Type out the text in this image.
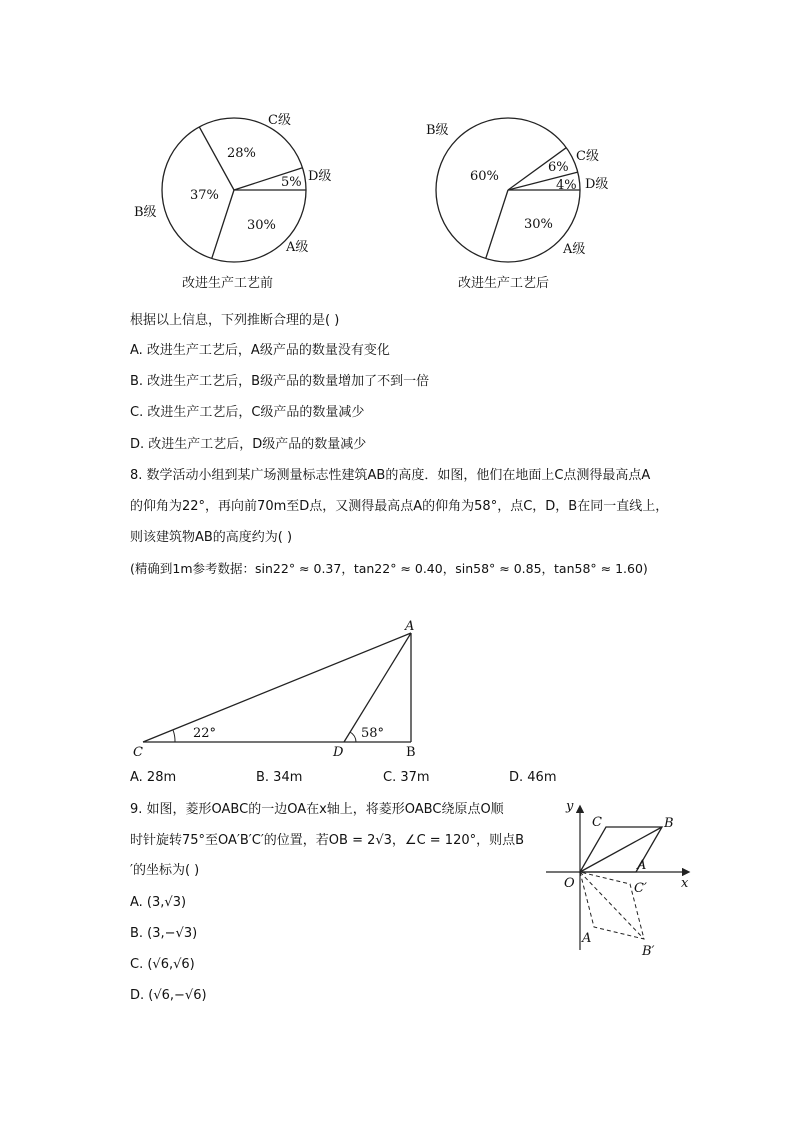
C级
28%
D级
5%
37%
B级
30%
A级
改进生产工艺前
B级
C级
6%
60%
D级
4%
30%
A级
改进生产工艺后
根据以上信息，下列推断合理的是( )
A. 改进生产工艺后，A级产品的数量没有变化
B. 改进生产工艺后，B级产品的数量增加了不到一倍
C. 改进生产工艺后，C级产品的数量减少
D. 改进生产工艺后，D级产品的数量减少
8. 数学活动小组到某广场测量标志性建筑AB的高度．如图，他们在地面上C点测得最高点A
的仰角为22°，再向前70m至D点，又测得最高点A的仰角为58°，点C，D，B在同一直线上，
则该建筑物AB的高度约为( )
(精确到1m参考数据：sin22° ≈ 0.37，tan22° ≈ 0.40，sin58° ≈ 0.85，tan58° ≈ 1.60)
A
C	D	B
22°	58°
A. 28m	B. 34m	C. 37m	D. 46m
9. 如图，菱形OABC的一边OA在x轴上，将菱形OABC绕原点O顺
时针旋转75°至OA′B′C′的位置，若OB = 2√3，∠C = 120°，则点B
′的坐标为( )
A. (3,√3)
B. (3,−√3)
C. (√6,√6)
D. (√6,−√6)
y
x
O
A
B
C
C′
A
B′
